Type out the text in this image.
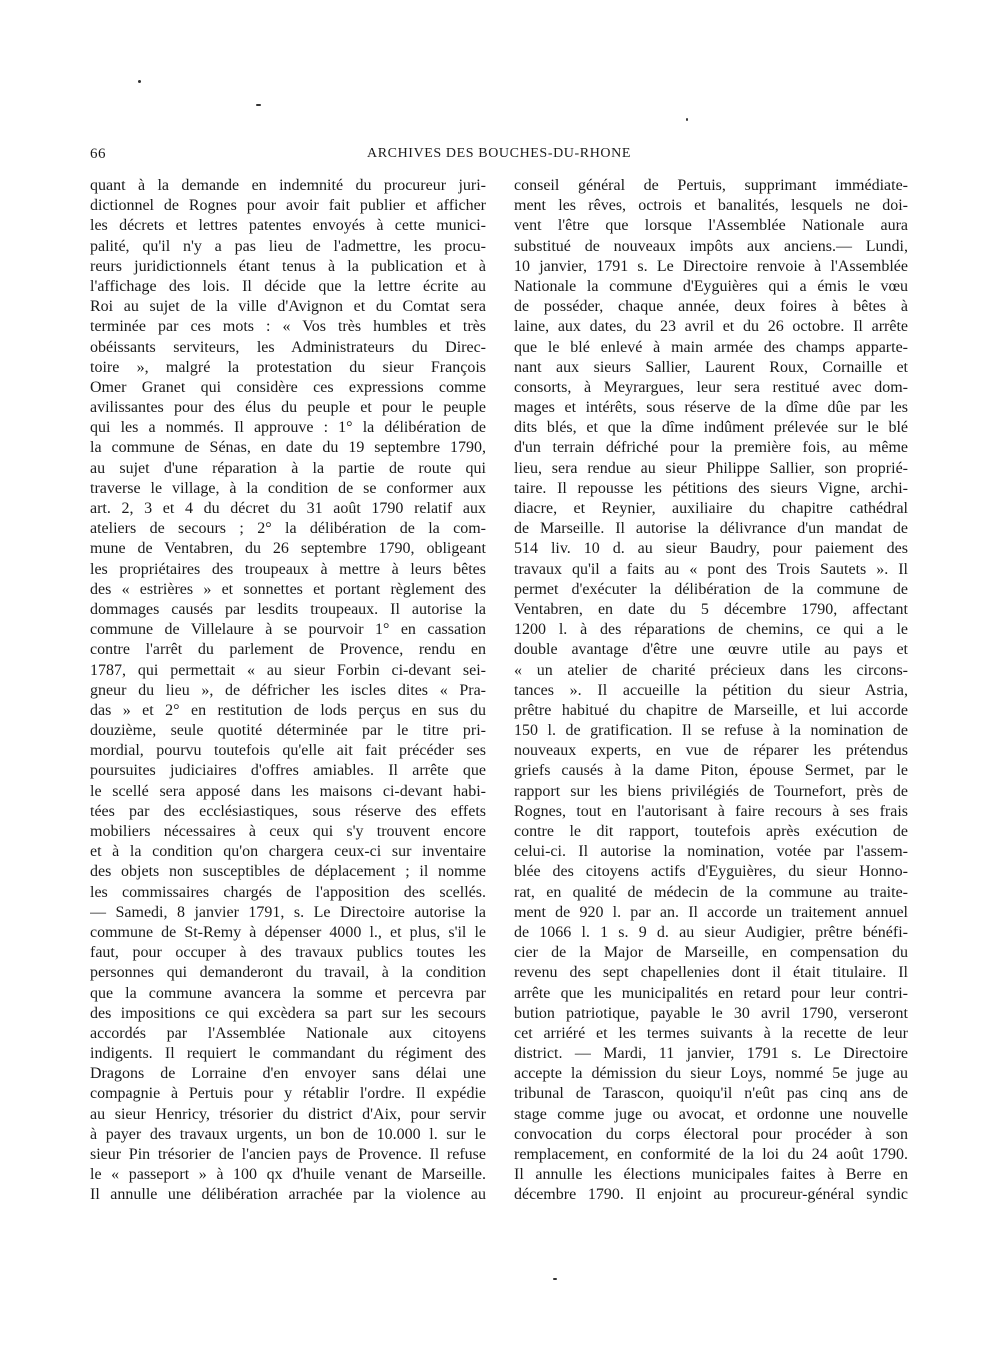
66	ARCHIVES DES BOUCHES-DU-RHONE
quant à la demande en indemnité du procureur juri-
dictionnel de Rognes pour avoir fait publier et afficher
les décrets et lettres patentes envoyés à cette munici-
palité, qu'il n'y a pas lieu de l'admettre, les procu-
reurs juridictionnels étant tenus à la publication et à
l'affichage des lois. Il décide que la lettre écrite au
Roi au sujet de la ville d'Avignon et du Comtat sera
terminée par ces mots : « Vos très humbles et très
obéissants serviteurs, les Administrateurs du Direc-
toire », malgré la protestation du sieur François
Omer Granet qui considère ces expressions comme
avilissantes pour des élus du peuple et pour le peuple
qui les a nommés. Il approuve : 1° la délibération de
la commune de Sénas, en date du 19 septembre 1790,
au sujet d'une réparation à la partie de route qui
traverse le village, à la condition de se conformer aux
art. 2, 3 et 4 du décret du 31 août 1790 relatif aux
ateliers de secours ; 2° la délibération de la com-
mune de Ventabren, du 26 septembre 1790, obligeant
les propriétaires des troupeaux à mettre à leurs bêtes
des « estrières » et sonnettes et portant règlement des
dommages causés par lesdits troupeaux. Il autorise la
commune de Villelaure à se pourvoir 1° en cassation
contre l'arrêt du parlement de Provence, rendu en
1787, qui permettait « au sieur Forbin ci-devant sei-
gneur du lieu », de défricher les iscles dites « Pra-
das » et 2° en restitution de lods perçus en sus du
douzième, seule quotité déterminée par le titre pri-
mordial, pourvu toutefois qu'elle ait fait précéder ses
poursuites judiciaires d'offres amiables. Il arrête que
le scellé sera apposé dans les maisons ci-devant habi-
tées par des ecclésiastiques, sous réserve des effets
mobiliers nécessaires à ceux qui s'y trouvent encore
et à la condition qu'on chargera ceux-ci sur inventaire
des objets non susceptibles de déplacement ; il nomme
les commissaires chargés de l'apposition des scellés.
— Samedi, 8 janvier 1791, s. Le Directoire autorise la
commune de St-Remy à dépenser 4000 l., et plus, s'il le
faut, pour occuper à des travaux publics toutes les
personnes qui demanderont du travail, à la condition
que la commune avancera la somme et percevra par
des impositions ce qui excèdera sa part sur les secours
accordés par l'Assemblée Nationale aux citoyens
indigents. Il requiert le commandant du régiment des
Dragons de Lorraine d'en envoyer sans délai une
compagnie à Pertuis pour y rétablir l'ordre. Il expédie
au sieur Henricy, trésorier du district d'Aix, pour servir
à payer des travaux urgents, un bon de 10.000 l. sur le
sieur Pin trésorier de l'ancien pays de Provence. Il refuse
le « passeport » à 100 qx d'huile venant de Marseille.
Il annulle une délibération arrachée par la violence au
conseil général de Pertuis, supprimant immédiate-
ment les rêves, octrois et banalités, lesquels ne doi-
vent l'être que lorsque l'Assemblée Nationale aura
substitué de nouveaux impôts aux anciens.— Lundi,
10 janvier, 1791 s. Le Directoire renvoie à l'Assemblée
Nationale la commune d'Eyguières qui a émis le vœu
de posséder, chaque année, deux foires à bêtes à
laine, aux dates, du 23 avril et du 26 octobre. Il arrête
que le blé enlevé à main armée des champs apparte-
nant aux sieurs Sallier, Laurent Roux, Cornaille et
consorts, à Meyrargues, leur sera restitué avec dom-
mages et intérêts, sous réserve de la dîme dûe par les
dits blés, et que la dîme indûment prélevée sur le blé
d'un terrain défriché pour la première fois, au même
lieu, sera rendue au sieur Philippe Sallier, son proprié-
taire. Il repousse les pétitions des sieurs Vigne, archi-
diacre, et Reynier, auxiliaire du chapitre cathédral
de Marseille. Il autorise la délivrance d'un mandat de
514 liv. 10 d. au sieur Baudry, pour paiement des
travaux qu'il a faits au « pont des Trois Sautets ». Il
permet d'exécuter la délibération de la commune de
Ventabren, en date du 5 décembre 1790, affectant
1200 l. à des réparations de chemins, ce qui a le
double avantage d'être une œuvre utile au pays et
« un atelier de charité précieux dans les circons-
tances ». Il accueille la pétition du sieur Astria,
prêtre habitué du chapitre de Marseille, et lui accorde
150 l. de gratification. Il se refuse à la nomination de
nouveaux experts, en vue de réparer les prétendus
griefs causés à la dame Piton, épouse Sermet, par le
rapport sur les biens privilégiés de Tournefort, près de
Rognes, tout en l'autorisant à faire recours à ses frais
contre le dit rapport, toutefois après exécution de
celui-ci. Il autorise la nomination, votée par l'assem-
blée des citoyens actifs d'Eyguières, du sieur Honno-
rat, en qualité de médecin de la commune au traite-
ment de 920 l. par an. Il accorde un traitement annuel
de 1066 l. 1 s. 9 d. au sieur Audigier, prêtre bénéfi-
cier de la Major de Marseille, en compensation du
revenu des sept chapellenies dont il était titulaire. Il
arrête que les municipalités en retard pour leur contri-
bution patriotique, payable le 30 avril 1790, verseront
cet arriéré et les termes suivants à la recette de leur
district. — Mardi, 11 janvier, 1791 s. Le Directoire
accepte la démission du sieur Loys, nommé 5e juge au
tribunal de Tarascon, quoiqu'il n'eût pas cinq ans de
stage comme juge ou avocat, et ordonne une nouvelle
convocation du corps électoral pour procéder à son
remplacement, en conformité de la loi du 24 août 1790.
Il annulle les élections municipales faites à Berre en
décembre 1790. Il enjoint au procureur-général syndic
